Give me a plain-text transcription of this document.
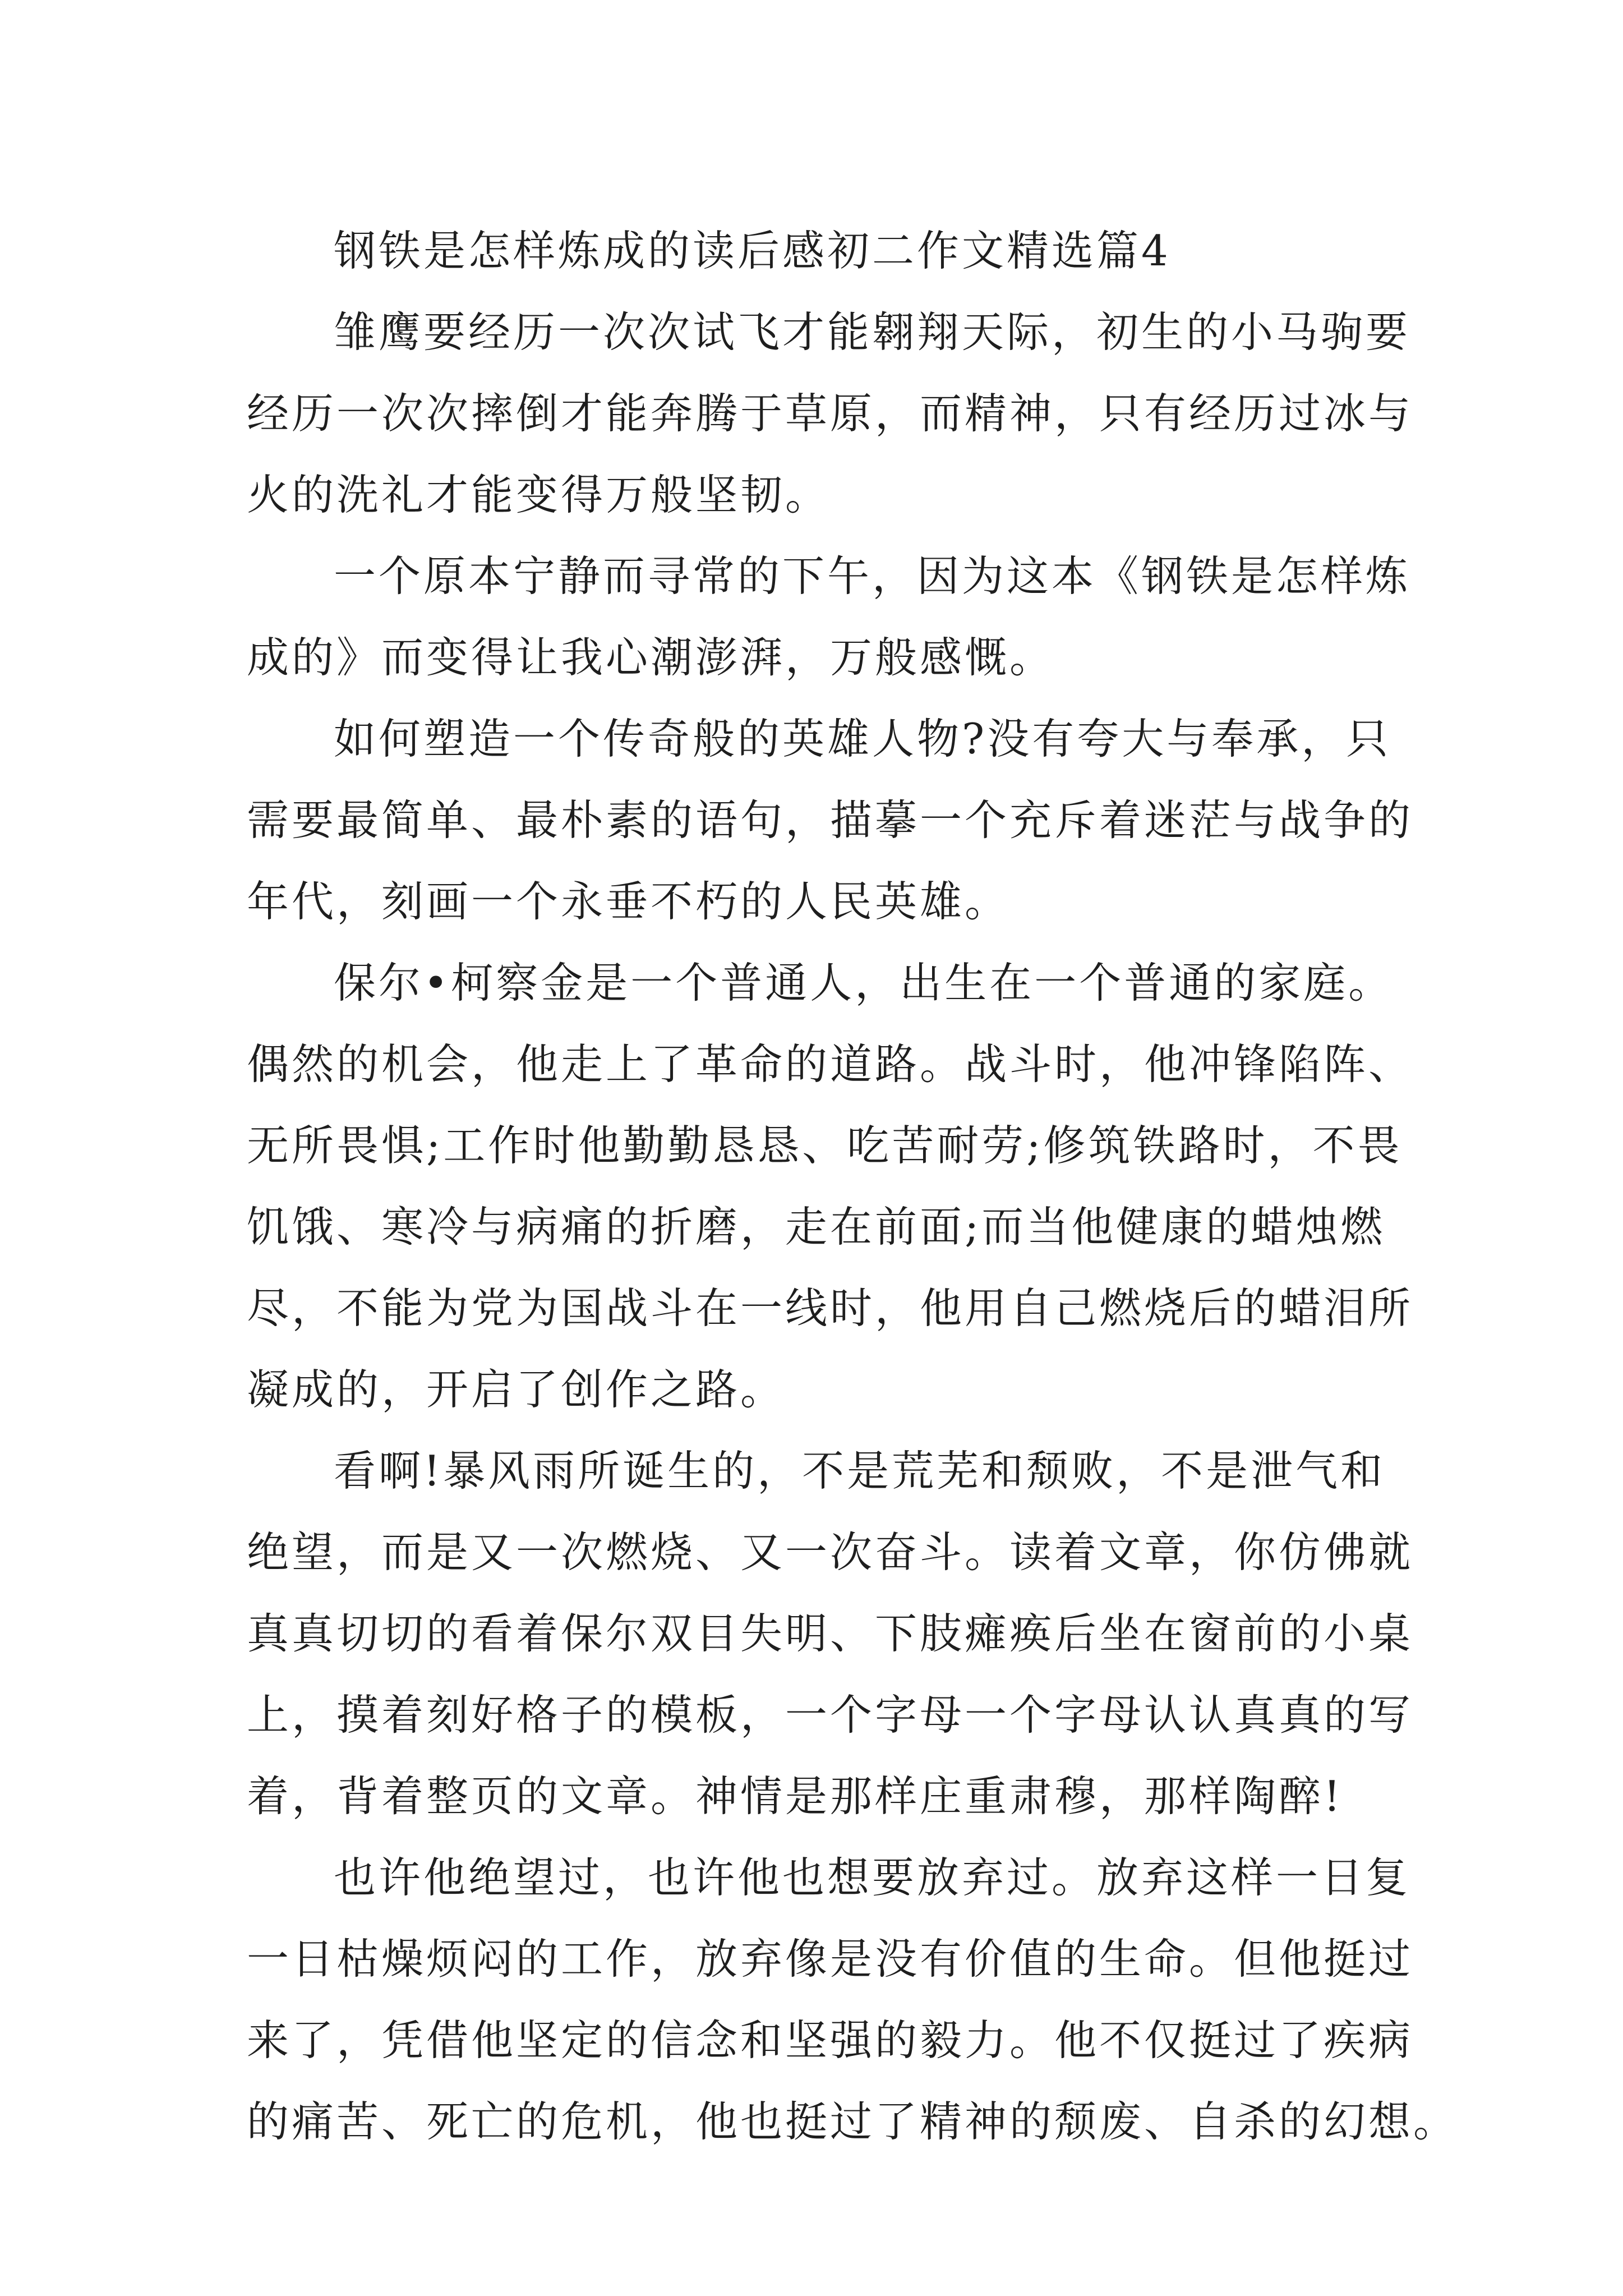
钢铁是怎样炼成的读后感初二作文精选篇4
雏鹰要经历一次次试飞才能翱翔天际，初生的小马驹要
经历一次次摔倒才能奔腾于草原，而精神，只有经历过冰与
火的洗礼才能变得万般坚韧。
一个原本宁静而寻常的下午，因为这本《钢铁是怎样炼
成的》而变得让我心潮澎湃，万般感慨。
如何塑造一个传奇般的英雄人物?没有夸大与奉承，只
需要最简单、最朴素的语句，描摹一个充斥着迷茫与战争的
年代，刻画一个永垂不朽的人民英雄。
保尔•柯察金是一个普通人，出生在一个普通的家庭。
偶然的机会，他走上了革命的道路。战斗时，他冲锋陷阵、
无所畏惧;工作时他勤勤恳恳、吃苦耐劳;修筑铁路时，不畏
饥饿、寒冷与病痛的折磨，走在前面;而当他健康的蜡烛燃
尽，不能为党为国战斗在一线时，他用自己燃烧后的蜡泪所
凝成的，开启了创作之路。
看啊!暴风雨所诞生的，不是荒芜和颓败，不是泄气和
绝望，而是又一次燃烧、又一次奋斗。读着文章，你仿佛就
真真切切的看着保尔双目失明、下肢瘫痪后坐在窗前的小桌
上，摸着刻好格子的模板，一个字母一个字母认认真真的写
着，背着整页的文章。神情是那样庄重肃穆，那样陶醉!
也许他绝望过，也许他也想要放弃过。放弃这样一日复
一日枯燥烦闷的工作，放弃像是没有价值的生命。但他挺过
来了，凭借他坚定的信念和坚强的毅力。他不仅挺过了疾病
的痛苦、死亡的危机，他也挺过了精神的颓废、自杀的幻想。
